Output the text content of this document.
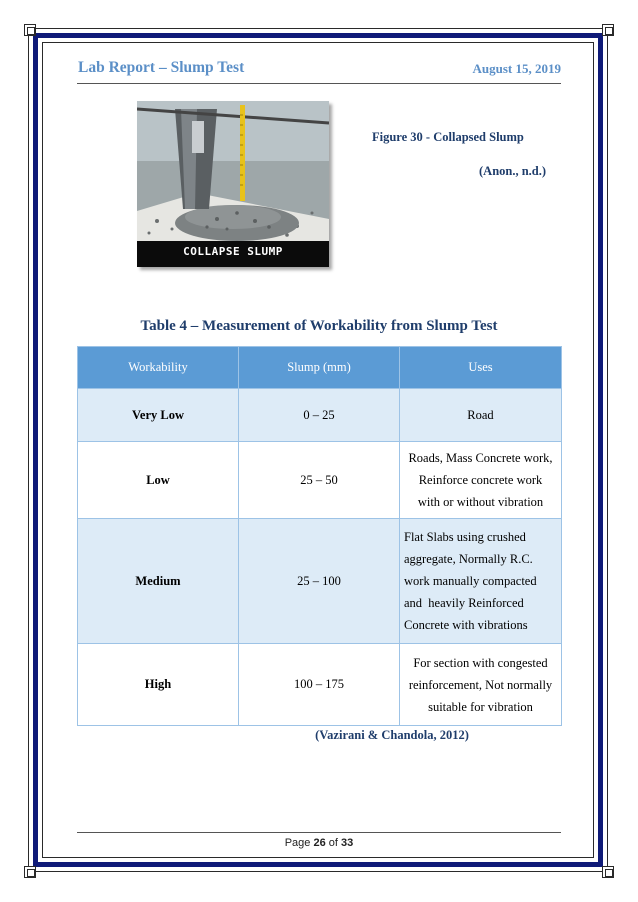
Lab Report – Slump Test	August 15, 2019
COLLAPSE SLUMP
Figure 30 - Collapsed Slump
(Anon., n.d.)
Table 4 – Measurement of Workability from Slump Test
Workability	Slump (mm)	Uses
Very Low	0 – 25	Road

Low	25 – 50	Roads, Mass Concrete work,
Reinforce concrete work
with or without vibration

Medium	25 – 100	Flat Slabs using crushed
aggregate, Normally R.C.
work manually compacted
and  heavily Reinforced
Concrete with vibrations

High	100 – 175	For section with congested
reinforcement, Not normally
suitable for vibration
(Vazirani & Chandola, 2012)
Page 26 of 33
